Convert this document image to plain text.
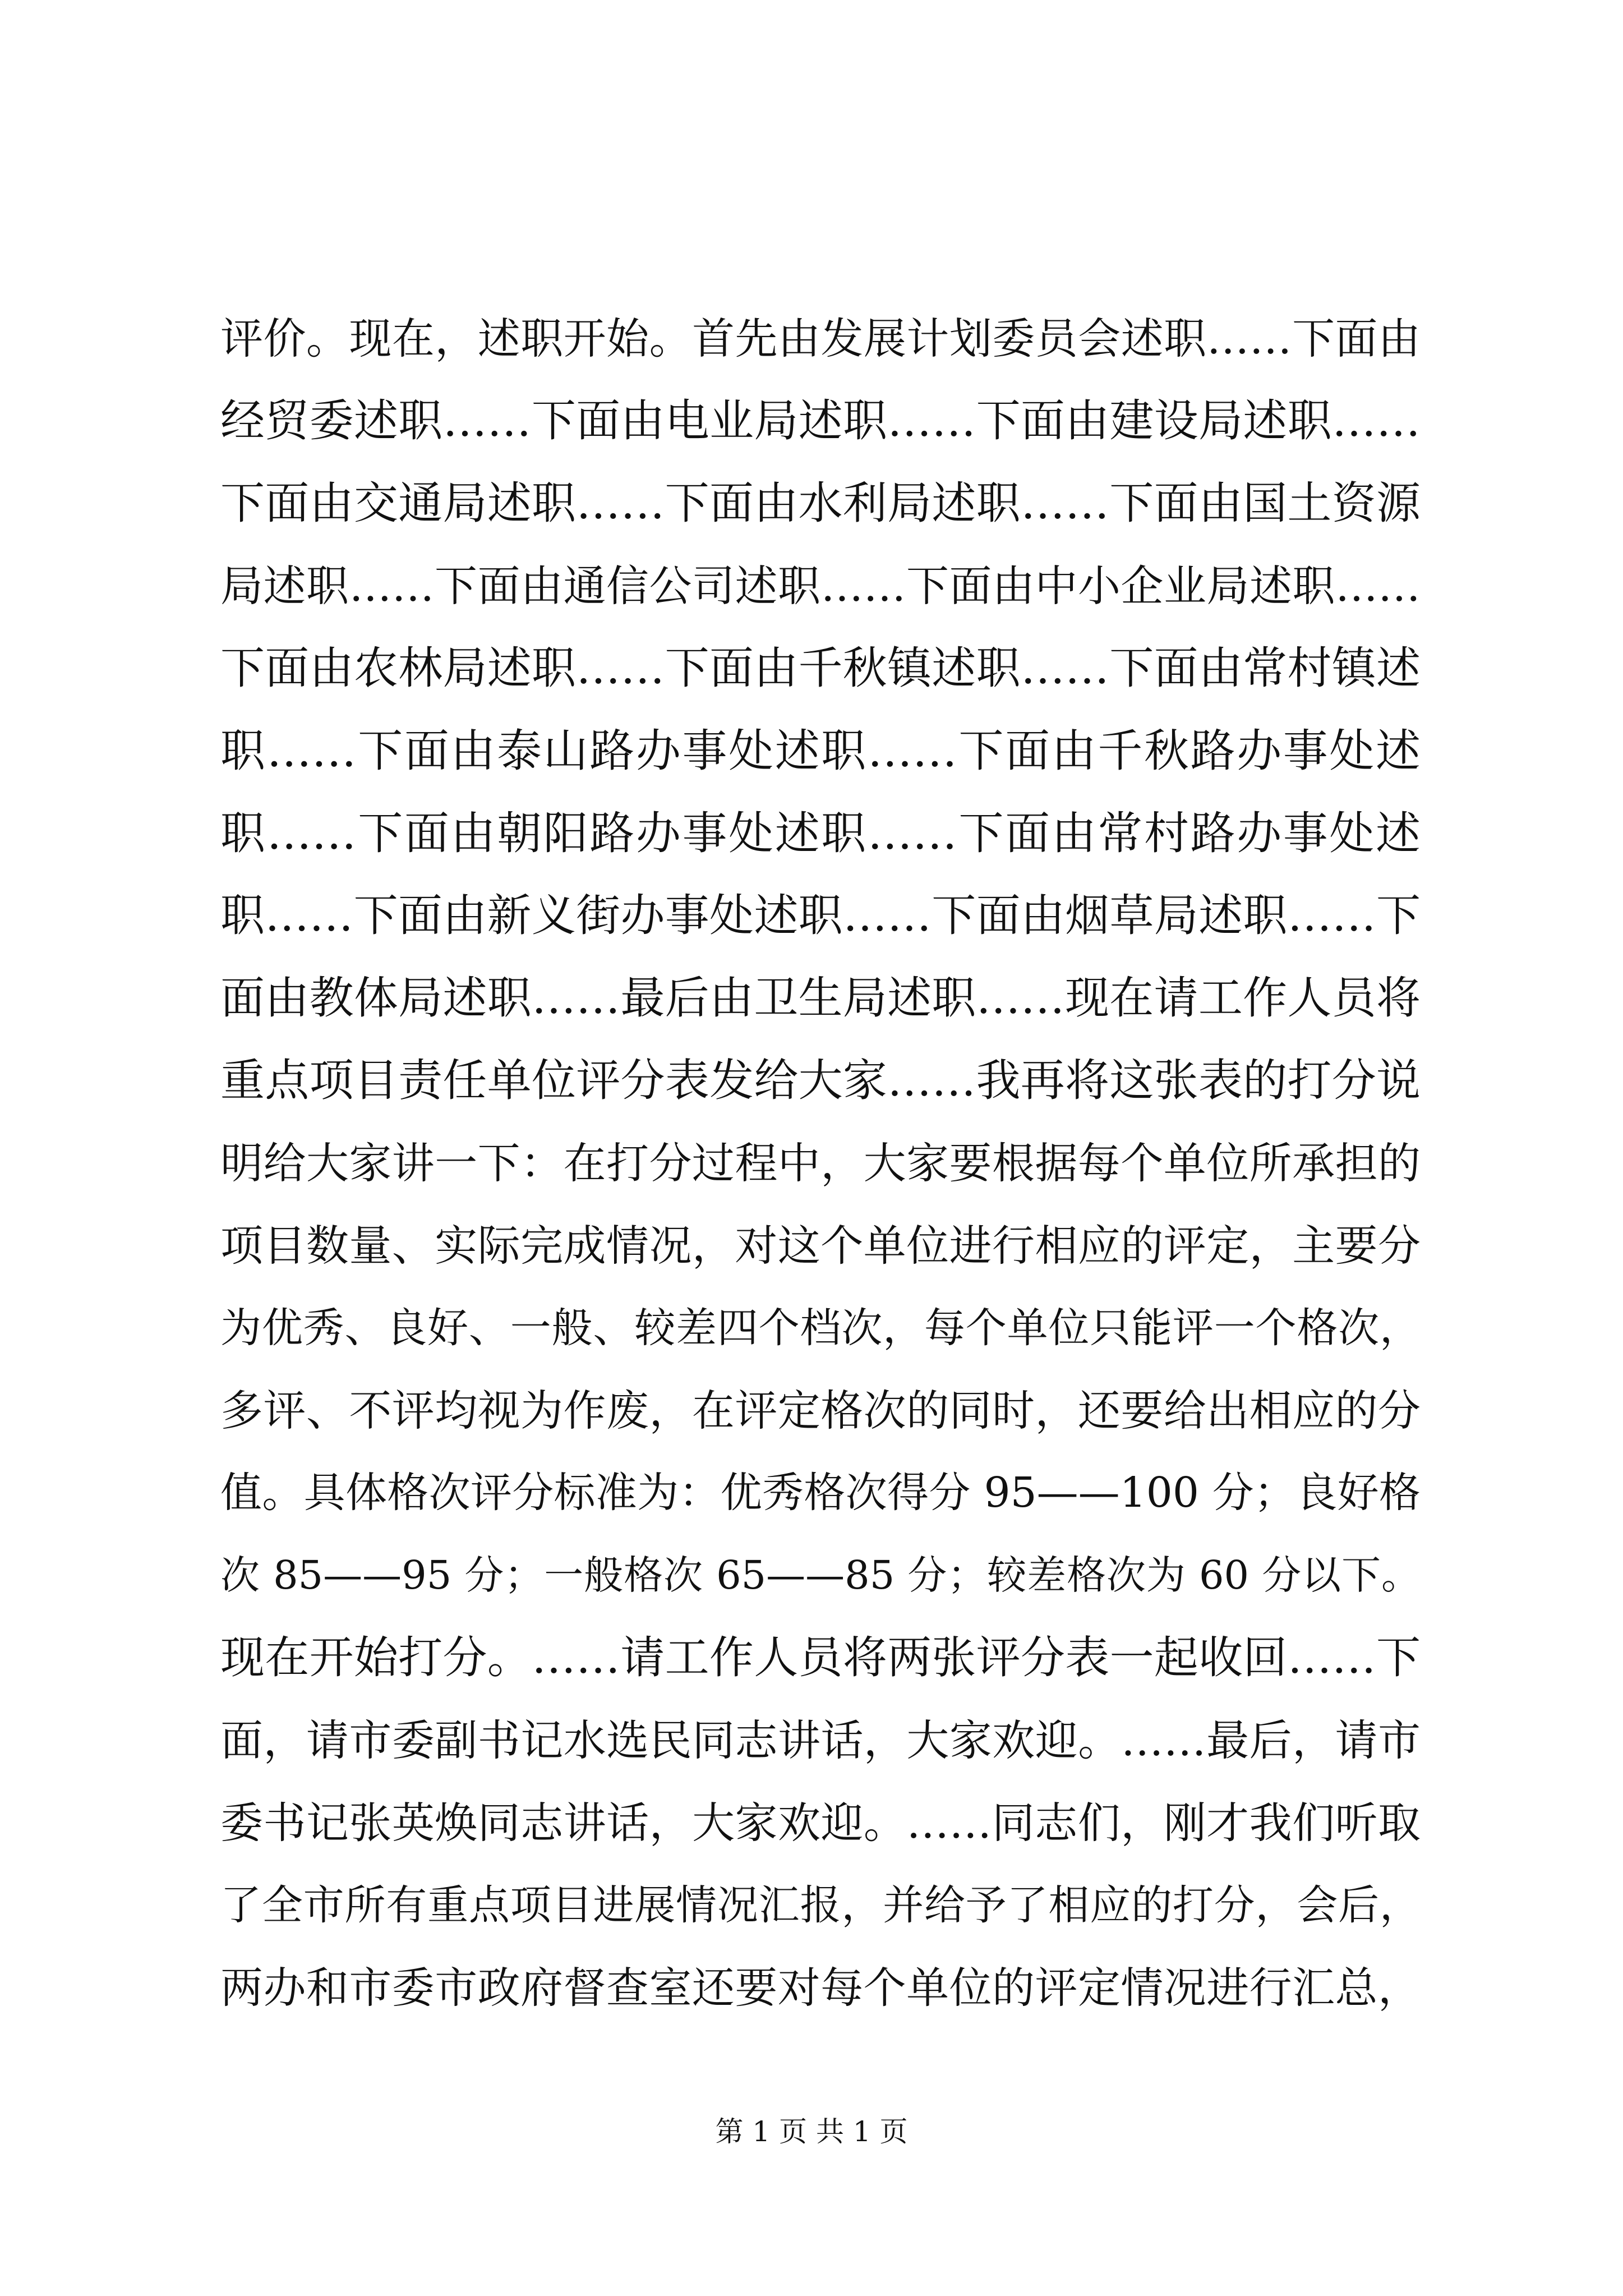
评价。现在，述职开始。首先由发展计划委员会述职……下面由
经贸委述职……下面由电业局述职……下面由建设局述职……
下面由交通局述职……下面由水利局述职……下面由国土资源
局述职……下面由通信公司述职……下面由中小企业局述职……
下面由农林局述职……下面由千秋镇述职……下面由常村镇述
职……下面由泰山路办事处述职……下面由千秋路办事处述
职……下面由朝阳路办事处述职……下面由常村路办事处述
职……下面由新义街办事处述职……下面由烟草局述职……下
面由教体局述职……最后由卫生局述职……现在请工作人员将
重点项目责任单位评分表发给大家……我再将这张表的打分说
明给大家讲一下：在打分过程中，大家要根据每个单位所承担的
项目数量、实际完成情况，对这个单位进行相应的评定，主要分
为优秀、良好、一般、较差四个档次，每个单位只能评一个格次，
多评、不评均视为作废，在评定格次的同时，还要给出相应的分
值。具体格次评分标准为：优秀格次得分 95——100 分；良好格
次 85——95 分；一般格次 65——85 分；较差格次为 60 分以下。
现在开始打分。……请工作人员将两张评分表一起收回……下
面，请市委副书记水选民同志讲话，大家欢迎。……最后，请市
委书记张英焕同志讲话，大家欢迎。……同志们，刚才我们听取
了全市所有重点项目进展情况汇报，并给予了相应的打分，会后，
两办和市委市政府督查室还要对每个单位的评定情况进行汇总，
第 1 页 共 1 页
